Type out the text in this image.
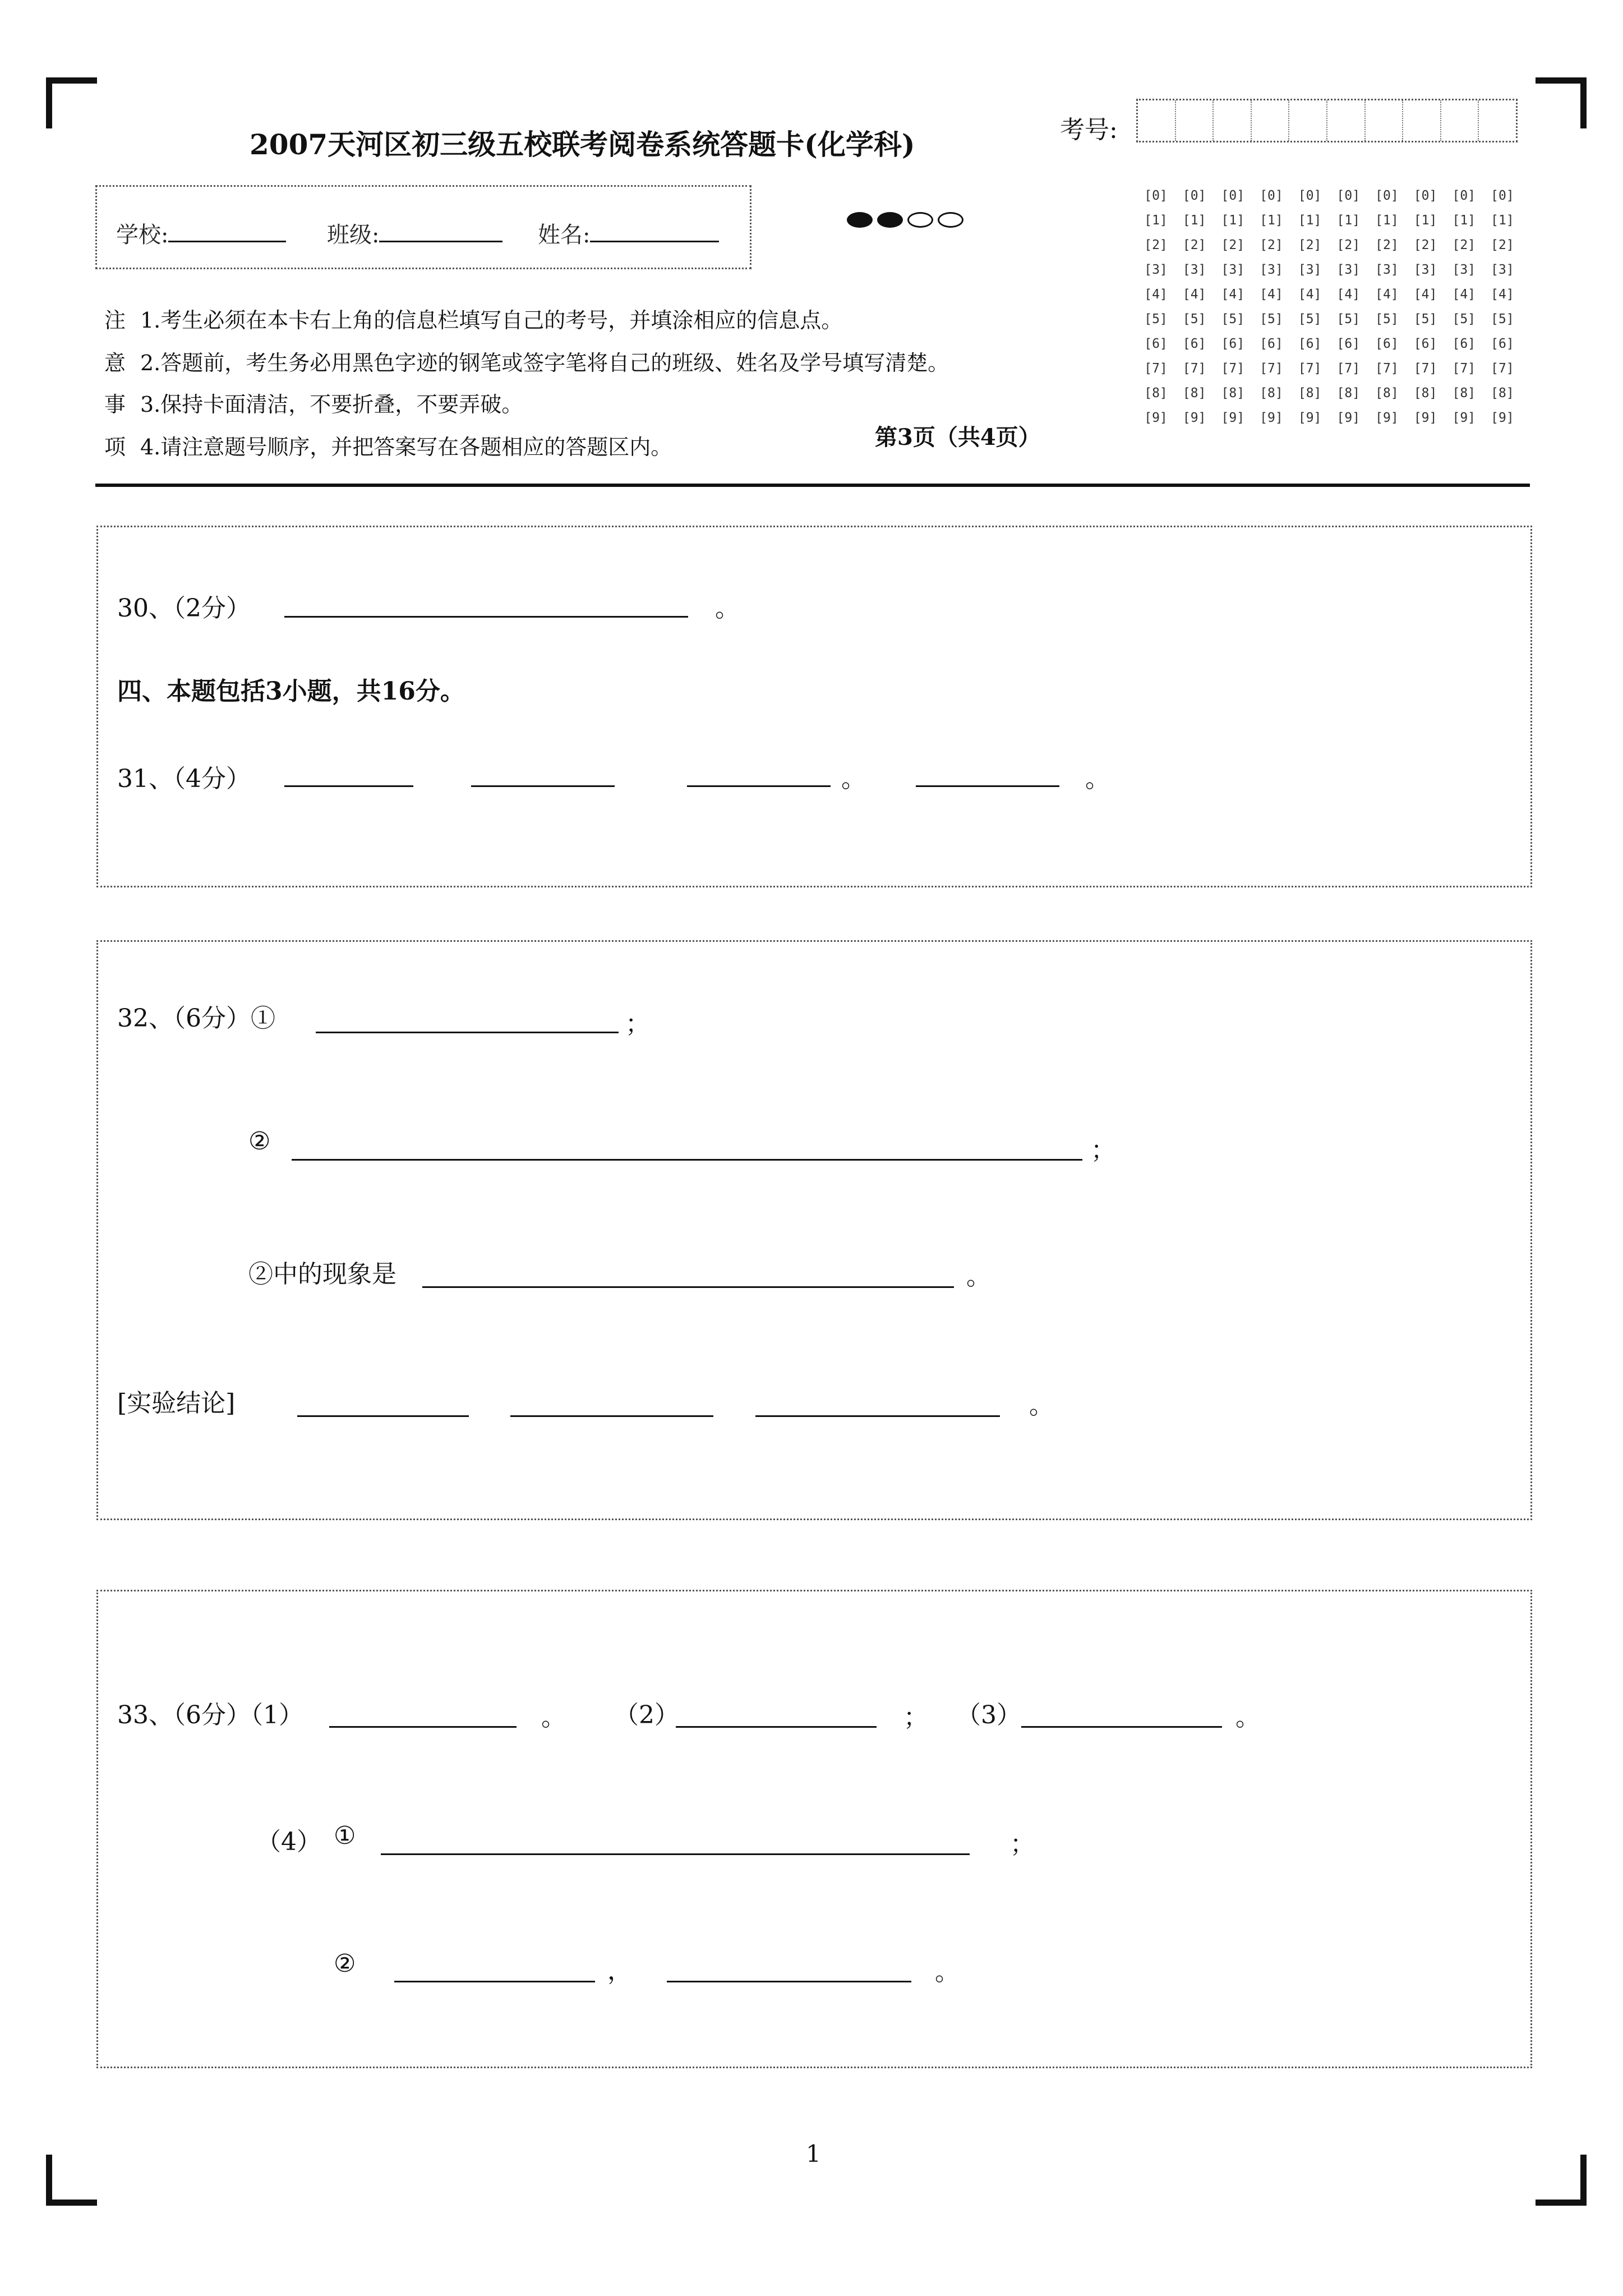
2007天河区初三级五校联考阅卷系统答题卡(化学科)	考号:
[0]	[0]	[0]	[0]	[0]	[0]	[0]	[0]	[0]	[0]
[1]	[1]	[1]	[1]	[1]	[1]	[1]	[1]	[1]	[1]
[2]	[2]	[2]	[2]	[2]	[2]	[2]	[2]	[2]	[2]
[3]	[3]	[3]	[3]	[3]	[3]	[3]	[3]	[3]	[3]
[4]	[4]	[4]	[4]	[4]	[4]	[4]	[4]	[4]	[4]
[5]	[5]	[5]	[5]	[5]	[5]	[5]	[5]	[5]	[5]
[6]	[6]	[6]	[6]	[6]	[6]	[6]	[6]	[6]	[6]
[7]	[7]	[7]	[7]	[7]	[7]	[7]	[7]	[7]	[7]
[8]	[8]	[8]	[8]	[8]	[8]	[8]	[8]	[8]	[8]
[9]	[9]	[9]	[9]	[9]	[9]	[9]	[9]	[9]	[9]
学校:	班级:	姓名:
注
意
事
项
1.考生必须在本卡右上角的信息栏填写自己的考号，并填涂相应的信息点。
2.答题前，考生务必用黑色字迹的钢笔或签字笔将自己的班级、姓名及学号填写清楚。
3.保持卡面清洁，不要折叠，不要弄破。
4.请注意题号顺序，并把答案写在各题相应的答题区内。	第3页（共4页）
30、（2分）	。
四、本题包括3小题，共16分。
31、（4分）	。	。
32、（6分）①	；
②	；
②中的现象是	。
[实验结论]	。
33、（6分）（1）	。 （2）	； （3）	。
（4） ①	；
②	，	。
1
